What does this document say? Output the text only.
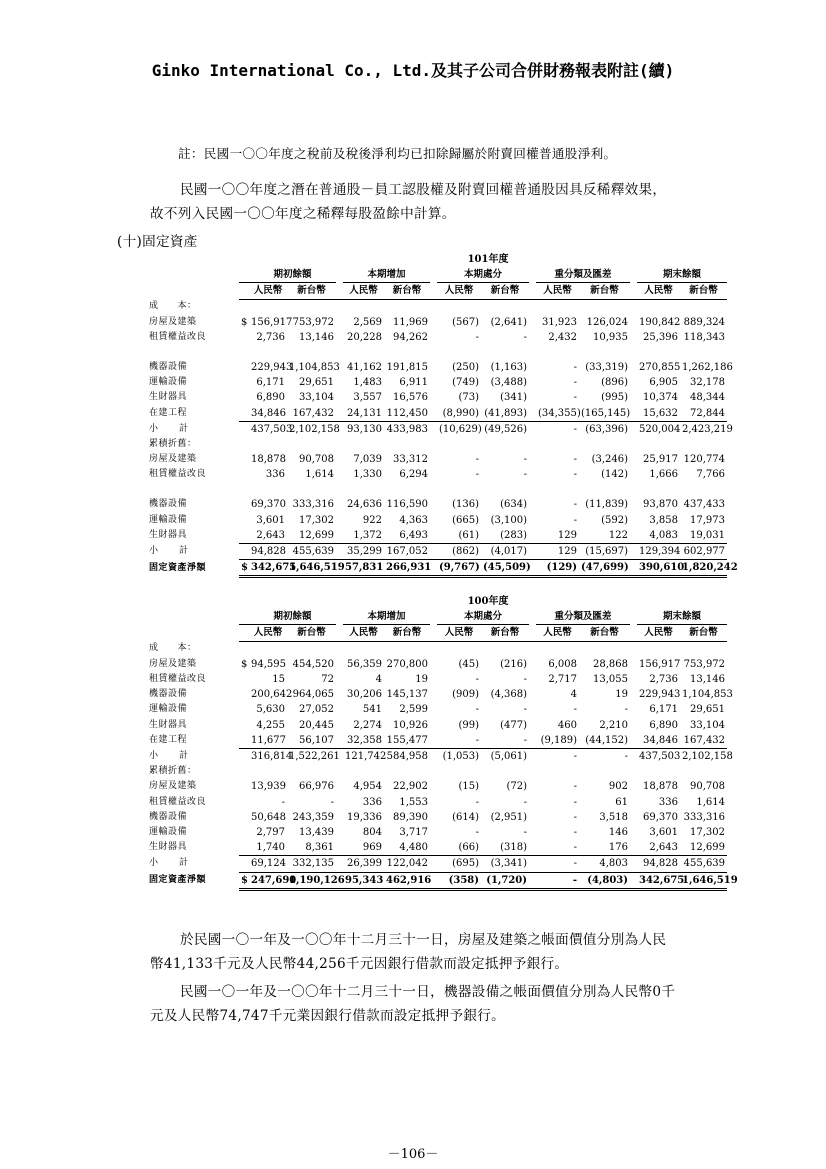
Ginko International Co., Ltd.及其子公司合併財務報表附註(續)
註：民國一〇〇年度之稅前及稅後淨利均已扣除歸屬於附賣回權普通股淨利。
民國一〇〇年度之潛在普通股－員工認股權及附賣回權普通股因具反稀釋效果，
故不列入民國一〇〇年度之稀釋每股盈餘中計算。
(十)固定資產
		101年度													
		期初餘額			本期增加			本期處分			重分類及匯差			期末餘額	
		人民幣	新台幣		人民幣	新台幣		人民幣	新台幣		人民幣	新台幣		人民幣	新台幣
成　　本：															
房屋及建築	$	156,917	753,972		2,569	11,969		(567)	(2,641)		31,923	126,024		190,842	889,324
租賃權益改良		2,736	13,146		20,228	94,262		-	-		2,432	10,935		25,396	118,343
機器設備		229,943	1,104,853		41,162	191,815		(250)	(1,163)		-	(33,319)		270,855	1,262,186
運輸設備		6,171	29,651		1,483	6,911		(749)	(3,488)		-	(896)		6,905	32,178
生財器具		6,890	33,104		3,557	16,576		(73)	(341)		-	(995)		10,374	48,344
在建工程		34,846	167,432		24,131	112,450		(8,990)	(41,893)		(34,355)	(165,145)		15,632	72,844
小　計		437,503	2,102,158		93,130	433,983		(10,629)	(49,526)		-	(63,396)		520,004	2,423,219
累積折舊：															
房屋及建築		18,878	90,708		7,039	33,312		-	-		-	(3,246)		25,917	120,774
租賃權益改良		336	1,614		1,330	6,294		-	-		-	(142)		1,666	7,766
機器設備		69,370	333,316		24,636	116,590		(136)	(634)		-	(11,839)		93,870	437,433
運輸設備		3,601	17,302		922	4,363		(665)	(3,100)		-	(592)		3,858	17,973
生財器具		2,643	12,699		1,372	6,493		(61)	(283)		129	122		4,083	19,031
小　計		94,828	455,639		35,299	167,052		(862)	(4,017)		129	(15,697)		129,394	602,977
固定資產淨額	$	342,675	1,646,519		57,831	266,931		(9,767)	(45,509)		(129)	(47,699)		390,610	1,820,242
		100年度													
		期初餘額			本期增加			本期處分			重分類及匯差			期末餘額	
		人民幣	新台幣		人民幣	新台幣		人民幣	新台幣		人民幣	新台幣		人民幣	新台幣
成　　本：															
房屋及建築	$	94,595	454,520		56,359	270,800		(45)	(216)		6,008	28,868		156,917	753,972
租賃權益改良		15	72		4	19		-	-		2,717	13,055		2,736	13,146
機器設備		200,642	964,065		30,206	145,137		(909)	(4,368)		4	19		229,943	1,104,853
運輸設備		5,630	27,052		541	2,599		-	-		-	-		6,171	29,651
生財器具		4,255	20,445		2,274	10,926		(99)	(477)		460	2,210		6,890	33,104
在建工程		11,677	56,107		32,358	155,477		-	-		(9,189)	(44,152)		34,846	167,432
小　計		316,814	1,522,261		121,742	584,958		(1,053)	(5,061)		-	-		437,503	2,102,158
累積折舊：															
房屋及建築		13,939	66,976		4,954	22,902		(15)	(72)		-	902		18,878	90,708
租賃權益改良		-	-		336	1,553		-	-		-	61		336	1,614
機器設備		50,648	243,359		19,336	89,390		(614)	(2,951)		-	3,518		69,370	333,316
運輸設備		2,797	13,439		804	3,717		-	-		-	146		3,601	17,302
生財器具		1,740	8,361		969	4,480		(66)	(318)		-	176		2,643	12,699
小　計		69,124	332,135		26,399	122,042		(695)	(3,341)		-	4,803		94,828	455,639
固定資產淨額	$	247,690	1,190,126		95,343	462,916		(358)	(1,720)		-	(4,803)		342,675	1,646,519
於民國一〇一年及一〇〇年十二月三十一日，房屋及建築之帳面價值分別為人民
幣41,133千元及人民幣44,256千元因銀行借款而設定抵押予銀行。
民國一〇一年及一〇〇年十二月三十一日，機器設備之帳面價值分別為人民幣0千
元及人民幣74,747千元業因銀行借款而設定抵押予銀行。
－106－
